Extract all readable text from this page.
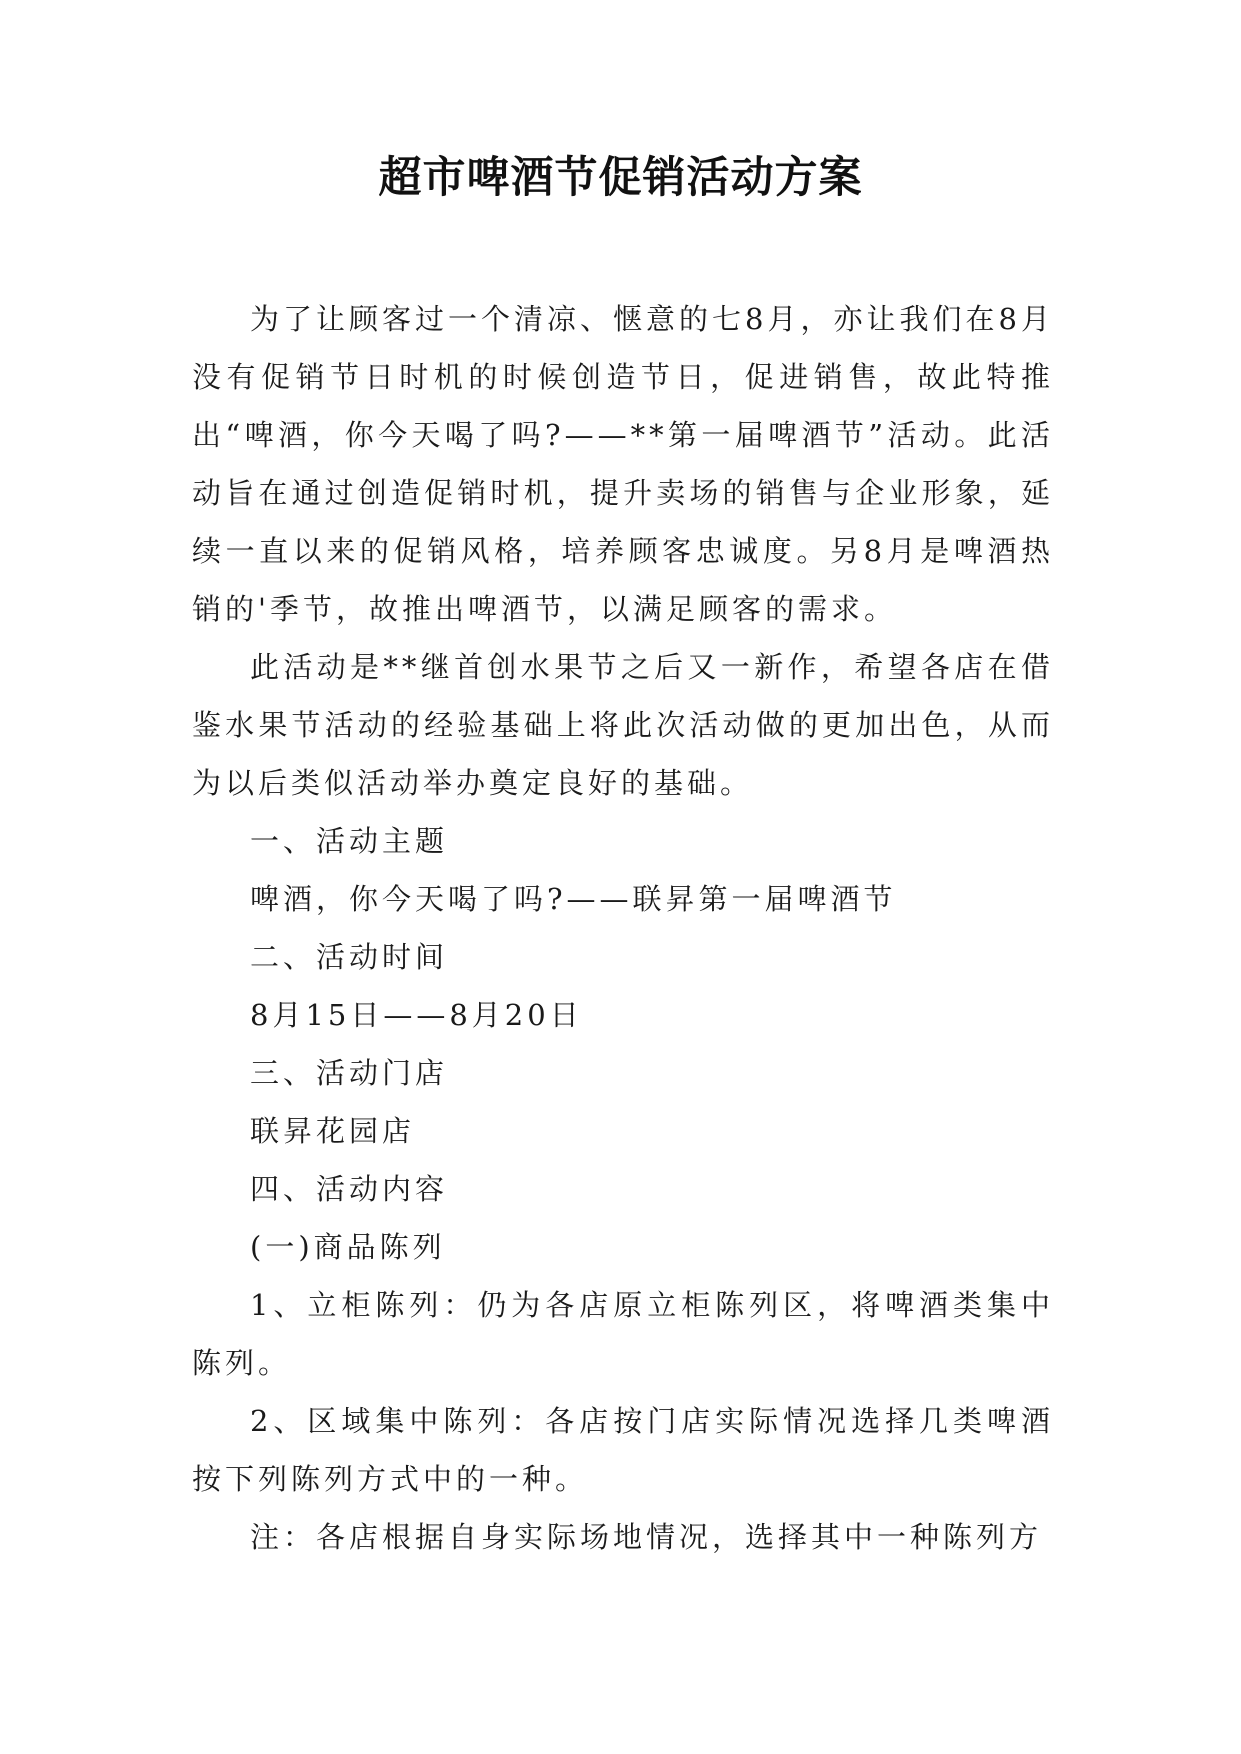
超市啤酒节促销活动方案

为了让顾客过一个清凉、惬意的七8月，亦让我们在8月没有促销节日时机的时候创造节日，促进销售，故此特推出“啤酒，你今天喝了吗?——**第一届啤酒节”活动。此活动旨在通过创造促销时机，提升卖场的销售与企业形象，延续一直以来的促销风格，培养顾客忠诚度。另8月是啤酒热销的'季节，故推出啤酒节，以满足顾客的需求。

此活动是**继首创水果节之后又一新作，希望各店在借鉴水果节活动的经验基础上将此次活动做的更加出色，从而为以后类似活动举办奠定良好的基础。

一、活动主题

啤酒，你今天喝了吗?——联昇第一届啤酒节

二、活动时间

8月15日——8月20日

三、活动门店

联昇花园店

四、活动内容

(一)商品陈列

1、立柜陈列：仍为各店原立柜陈列区，将啤酒类集中陈列。

2、区域集中陈列：各店按门店实际情况选择几类啤酒按下列陈列方式中的一种。

注：各店根据自身实际场地情况，选择其中一种陈列方
